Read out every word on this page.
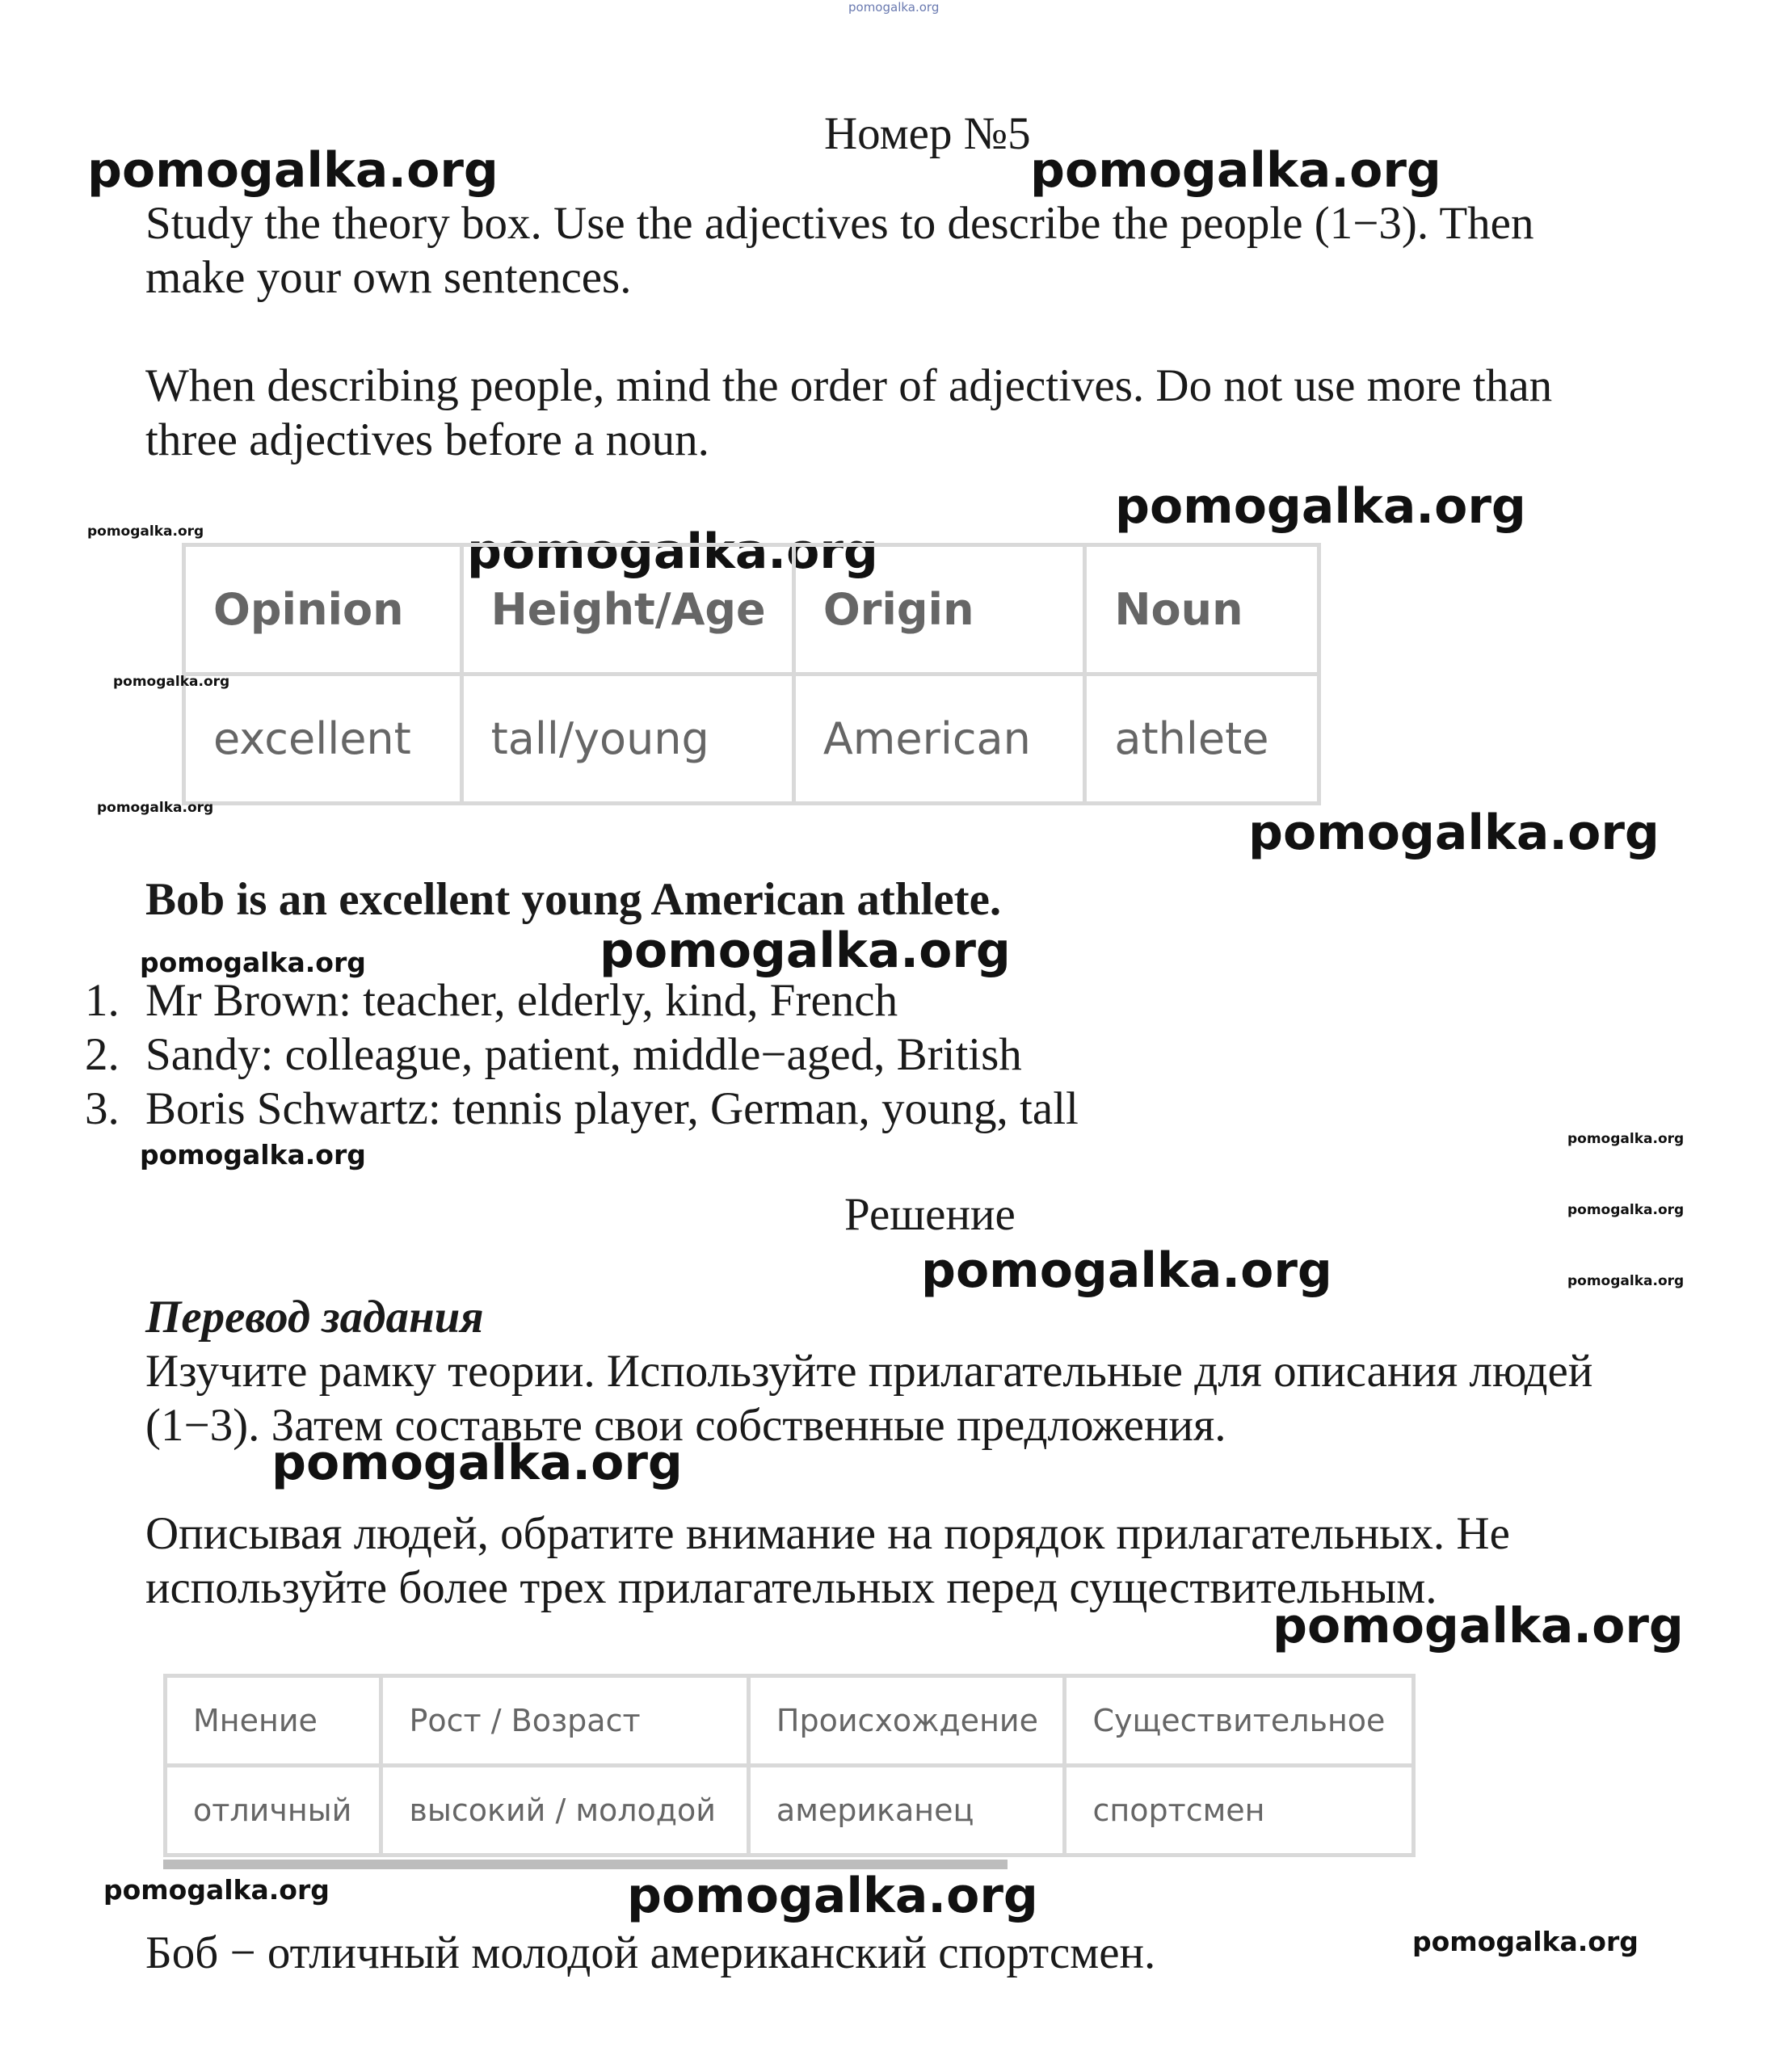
pomogalka.org
Номер №5
pomogalka.org	pomogalka.org
Study the theory box. Use the adjectives to describe the people (1−3). Then
make your own sentences.
When describing people, mind the order of adjectives. Do not use more than
three adjectives before a noun.
pomogalka.org
pomogalka.org	pomogalka.org
Opinion	Height/Age	Origin	Noun
excellent	tall/young	American	athlete
pomogalka.org
pomogalka.org	pomogalka.org
Bob is an excellent young American athlete.
pomogalka.org	pomogalka.org
1. Mr Brown: teacher, elderly, kind, French
2. Sandy: colleague, patient, middle−aged, British
3. Boris Schwartz: tennis player, German, young, tall
pomogalka.org	pomogalka.org
pomogalka.org
pomogalka.org
Решение
pomogalka.org
Перевод задания
Изучите рамку теории. Используйте прилагательные для описания людей
(1−3). Затем составьте свои собственные предложения.
pomogalka.org
Описывая людей, обратите внимание на порядок прилагательных. Не
используйте более трех прилагательных перед существительным.
pomogalka.org
Мнение	Рост / Возраст	Происхождение	Существительное
отличный	высокий / молодой	американец	спортсмен
pomogalka.org	pomogalka.org
Боб − отличный молодой американский спортсмен.	pomogalka.org
